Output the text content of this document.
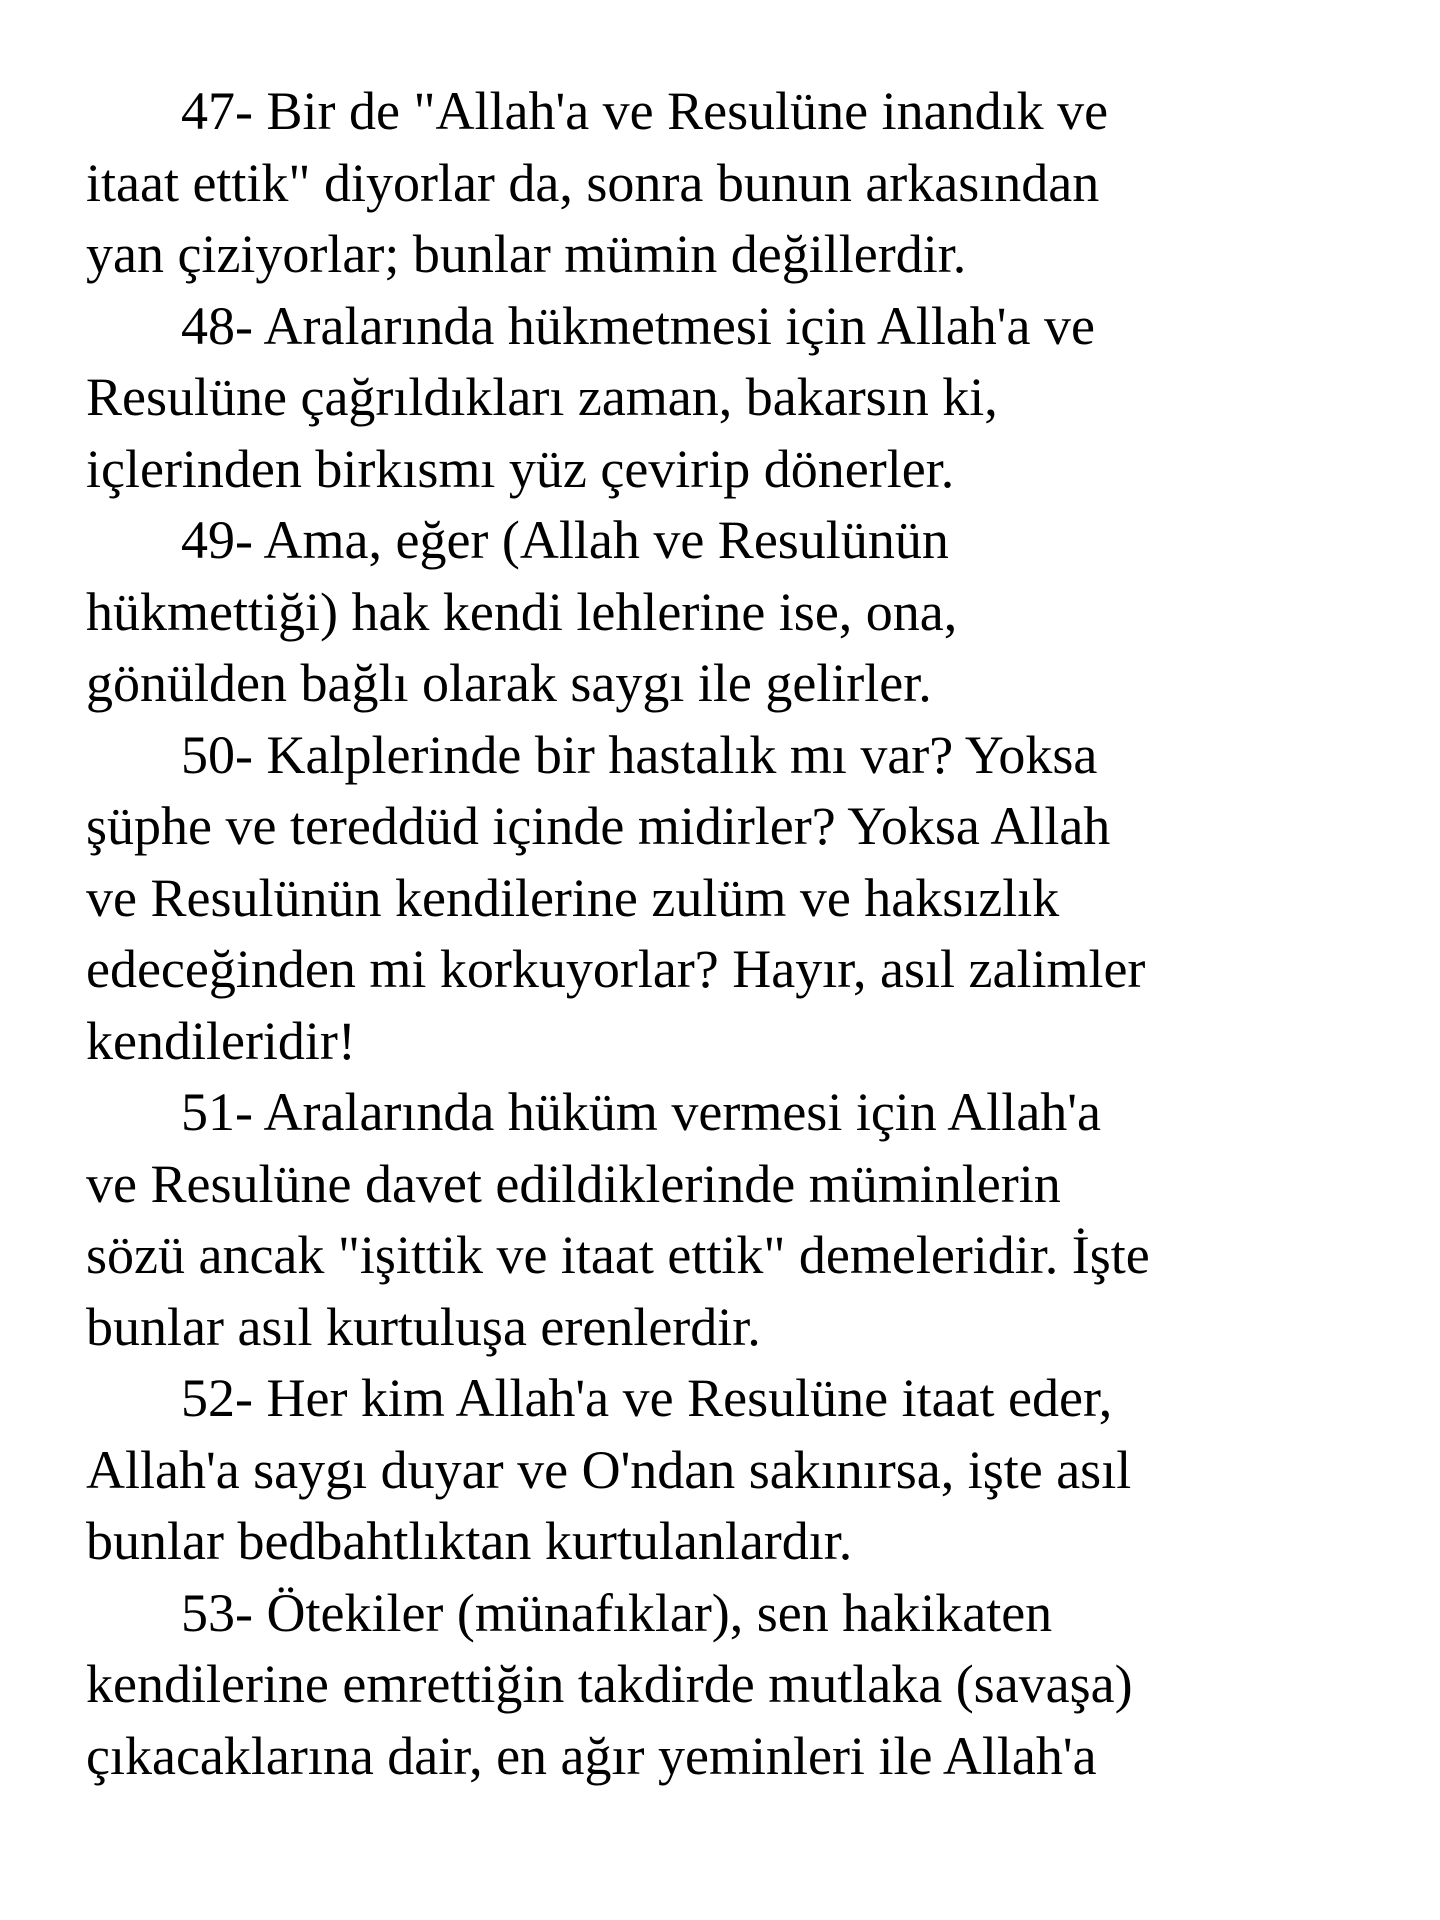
47- Bir de "Allah'a ve Resulüne inandık ve
itaat ettik" diyorlar da, sonra bunun arkasından
yan çiziyorlar; bunlar mümin değillerdir.

48- Aralarında hükmetmesi için Allah'a ve
Resulüne çağrıldıkları zaman, bakarsın ki,
içlerinden birkısmı yüz çevirip dönerler.

49- Ama, eğer (Allah ve Resulünün
hükmettiği) hak kendi lehlerine ise, ona,
gönülden bağlı olarak saygı ile gelirler.

50- Kalplerinde bir hastalık mı var? Yoksa
şüphe ve tereddüd içinde midirler? Yoksa Allah
ve Resulünün kendilerine zulüm ve haksızlık
edeceğinden mi korkuyorlar? Hayır, asıl zalimler
kendileridir!

51- Aralarında hüküm vermesi için Allah'a
ve Resulüne davet edildiklerinde müminlerin
sözü ancak "işittik ve itaat ettik" demeleridir. İşte
bunlar asıl kurtuluşa erenlerdir.

52- Her kim Allah'a ve Resulüne itaat eder,
Allah'a saygı duyar ve O'ndan sakınırsa, işte asıl
bunlar bedbahtlıktan kurtulanlardır.

53- Ötekiler (münafıklar), sen hakikaten
kendilerine emrettiğin takdirde mutlaka (savaşa)
çıkacaklarına dair, en ağır yeminleri ile Allah'a
